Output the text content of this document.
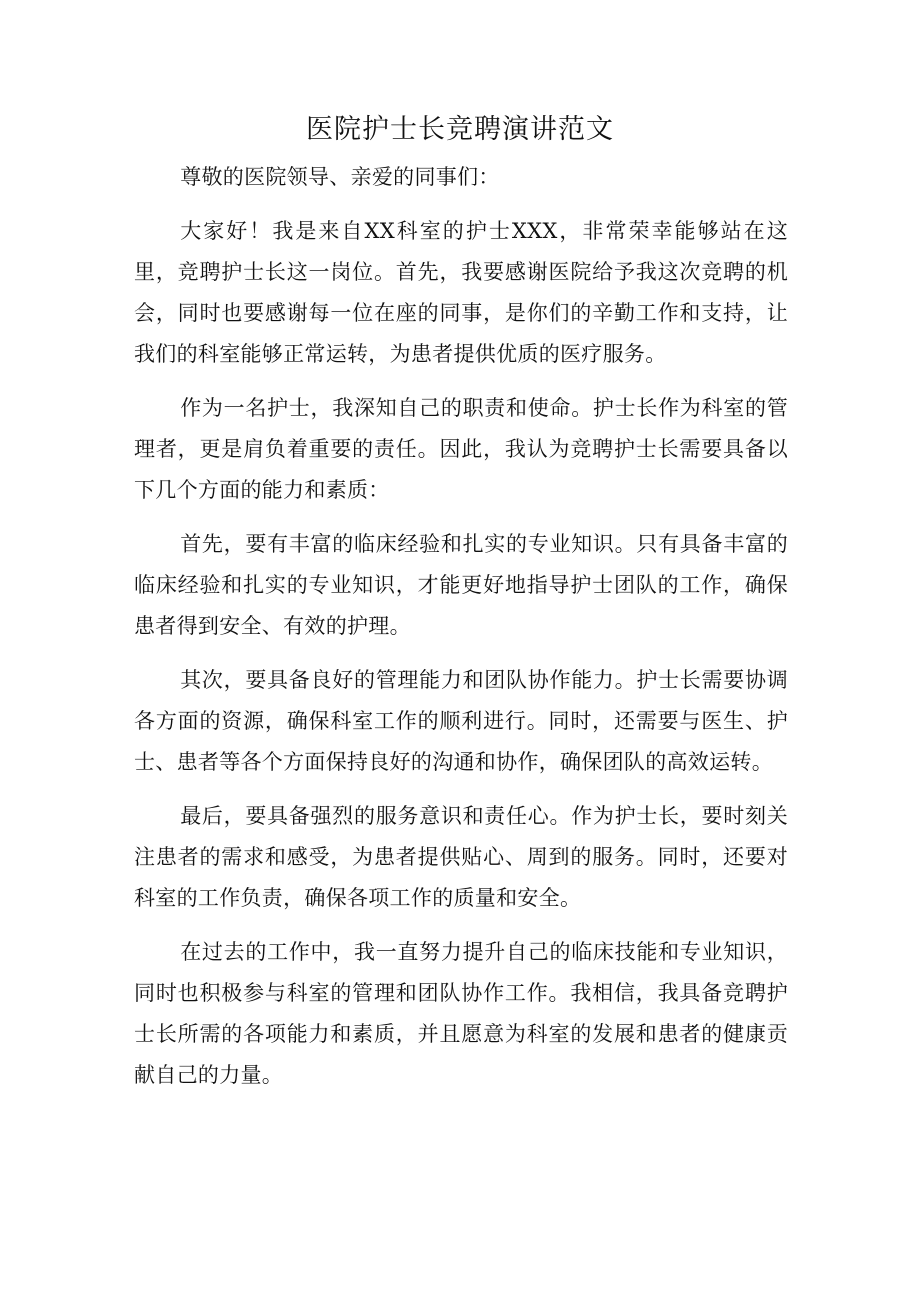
医院护士长竞聘演讲范文

尊敬的医院领导、亲爱的同事们：

大家好！我是来自XX科室的护士XXX，非常荣幸能够站在这里，竞聘护士长这一岗位。首先，我要感谢医院给予我这次竞聘的机会，同时也要感谢每一位在座的同事，是你们的辛勤工作和支持，让我们的科室能够正常运转，为患者提供优质的医疗服务。

作为一名护士，我深知自己的职责和使命。护士长作为科室的管理者，更是肩负着重要的责任。因此，我认为竞聘护士长需要具备以下几个方面的能力和素质：

首先，要有丰富的临床经验和扎实的专业知识。只有具备丰富的临床经验和扎实的专业知识，才能更好地指导护士团队的工作，确保患者得到安全、有效的护理。

其次，要具备良好的管理能力和团队协作能力。护士长需要协调各方面的资源，确保科室工作的顺利进行。同时，还需要与医生、护士、患者等各个方面保持良好的沟通和协作，确保团队的高效运转。

最后，要具备强烈的服务意识和责任心。作为护士长，要时刻关注患者的需求和感受，为患者提供贴心、周到的服务。同时，还要对科室的工作负责，确保各项工作的质量和安全。

在过去的工作中，我一直努力提升自己的临床技能和专业知识，同时也积极参与科室的管理和团队协作工作。我相信，我具备竞聘护士长所需的各项能力和素质，并且愿意为科室的发展和患者的健康贡献自己的力量。
